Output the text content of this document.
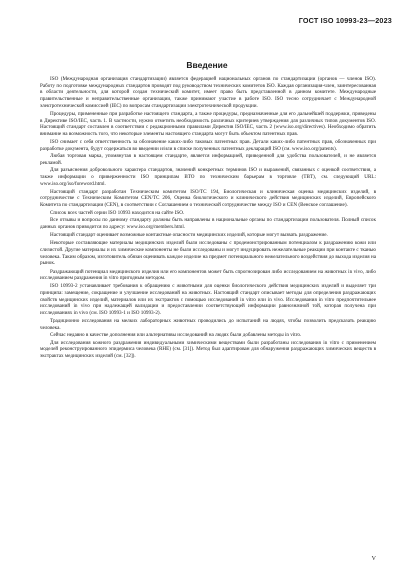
ГОСТ ISO 10993-23—2023
Введение

ISO (Международная организация стандартизации) является федерацией национальных органов по стандартизации (органов — членов ISO). Работу по подготовке международных стандартов проводят под руководством технических комитетов ISO. Каждая организация-член, заинтересованная в области деятельности, для которой создан технический комитет, имеет право быть представленной в данном комитете. Международные правительственные и неправительственные организации, также принимают участие в работе ISO. ISO тесно сотрудничает с Международной электротехнической комиссией (IEC) по вопросам стандартизации электротехнической продукции.

Процедуры, примененные при разработке настоящего стандарта, а также процедуры, предназначенные для его дальнейшей поддержки, приведены в Директиве ISO/IEC, часть 1. В частности, нужно отметить необходимость различных критериев утверждения для различных типов документов ISO. Настоящий стандарт составлен в соответствии с редакционными правилами Директив ISO/IEC, часть 2 (www.iso.org/directives). Необходимо обратить внимание на возможность того, что некоторые элементы настоящего стандарта могут быть объектом патентных прав.

ISO снимает с себя ответственность за обозначение каких-либо таковых патентных прав. Детали каких-либо патентных прав, обозначенных при разработке документа, будут содержаться во введении и/или в списке полученных патентных деклараций ISO (см. www.iso.org/patents).

Любая торговая марка, упомянутая в настоящем стандарте, является информацией, приведенной для удобства пользователей, и не является рекламой.

Для разъяснения добровольного характера стандартов, значений конкретных терминов ISO и выражений, связанных с оценкой соответствия, а также информации о приверженности ISO принципам ВТО по техническим барьерам в торговле (ТВТ), см. следующий URL: www.iso.org/iso/foreword.html.

Настоящий стандарт разработан Техническим комитетом ISO/TC 194, Биологическая и клиническая оценка медицинских изделий, в сотрудничестве с Техническим Комитетом CEN/TC 206, Оценка биологического и клинического действия медицинских изделий, Европейского Комитета по стандартизации (CEN), в соответствии с Соглашением о технической сотрудничестве между ISO и CEN (Венское соглашение).

Список всех частей серии ISO 10993 находится на сайте ISO.

Все отзывы и вопросы по данному стандарту должны быть направлены в национальные органы по стандартизации пользователя. Полный список данных органов приводится по адресу: www.iso.org/members.html.

Настоящий стандарт оценивает возможные контактные опасности медицинских изделий, которые могут вызвать раздражение.

Некоторые составляющие материалы медицинских изделий были исследованы с продемонстрированным потенциалом к раздражению кожи или слизистой. Другие материалы и их химические компоненты не были исследованы и могут индуцировать нежелательные реакции при контакте с тканью человека. Таким образом, изготовитель обязан оценивать каждое изделие на предмет потенциального нежелательного воздействия до выхода изделия на рынок.

Раздражающий потенциал медицинского изделия или его компонентов может быть спрогнозирован либо исследованием на животных in vivo, либо исследованием раздражения in vitro пригодным методом.

ISO 10993-2 устанавливает требования к обращению с животными для оценки биологического действия медицинских изделий и выделяет три принципа: замещение, сокращение и улучшение исследований на животных. Настоящий стандарт описывает методы для определения раздражающих свойств медицинских изделий, материалов или их экстрактов с помощью исследований in vitro или in vivo. Исследования in vitro предпочтительнее исследований in vivo при надлежащей валидации и предоставлении соответствующей информации равнозначной той, которая получена при исследованиях in vivo (см. ISO 10993-1 и ISO 10993-2).

Традиционно исследования на мелких лабораторных животных проводились до испытаний на людях, чтобы позволить предсказать реакцию человека.

Сейчас недавно в качестве дополнения или альтернативы исследований на людях были добавлены методы in vitro.

Для исследования кожного раздражения индивидуальными химическими веществами были разработаны исследования in vitro с применением моделей реконструированного эпидермиса человека (RHE) (см. [31]). Метод был адаптирован для обнаружения раздражающих химических веществ в экстрактах медицинских изделий (см. [32]).

V
